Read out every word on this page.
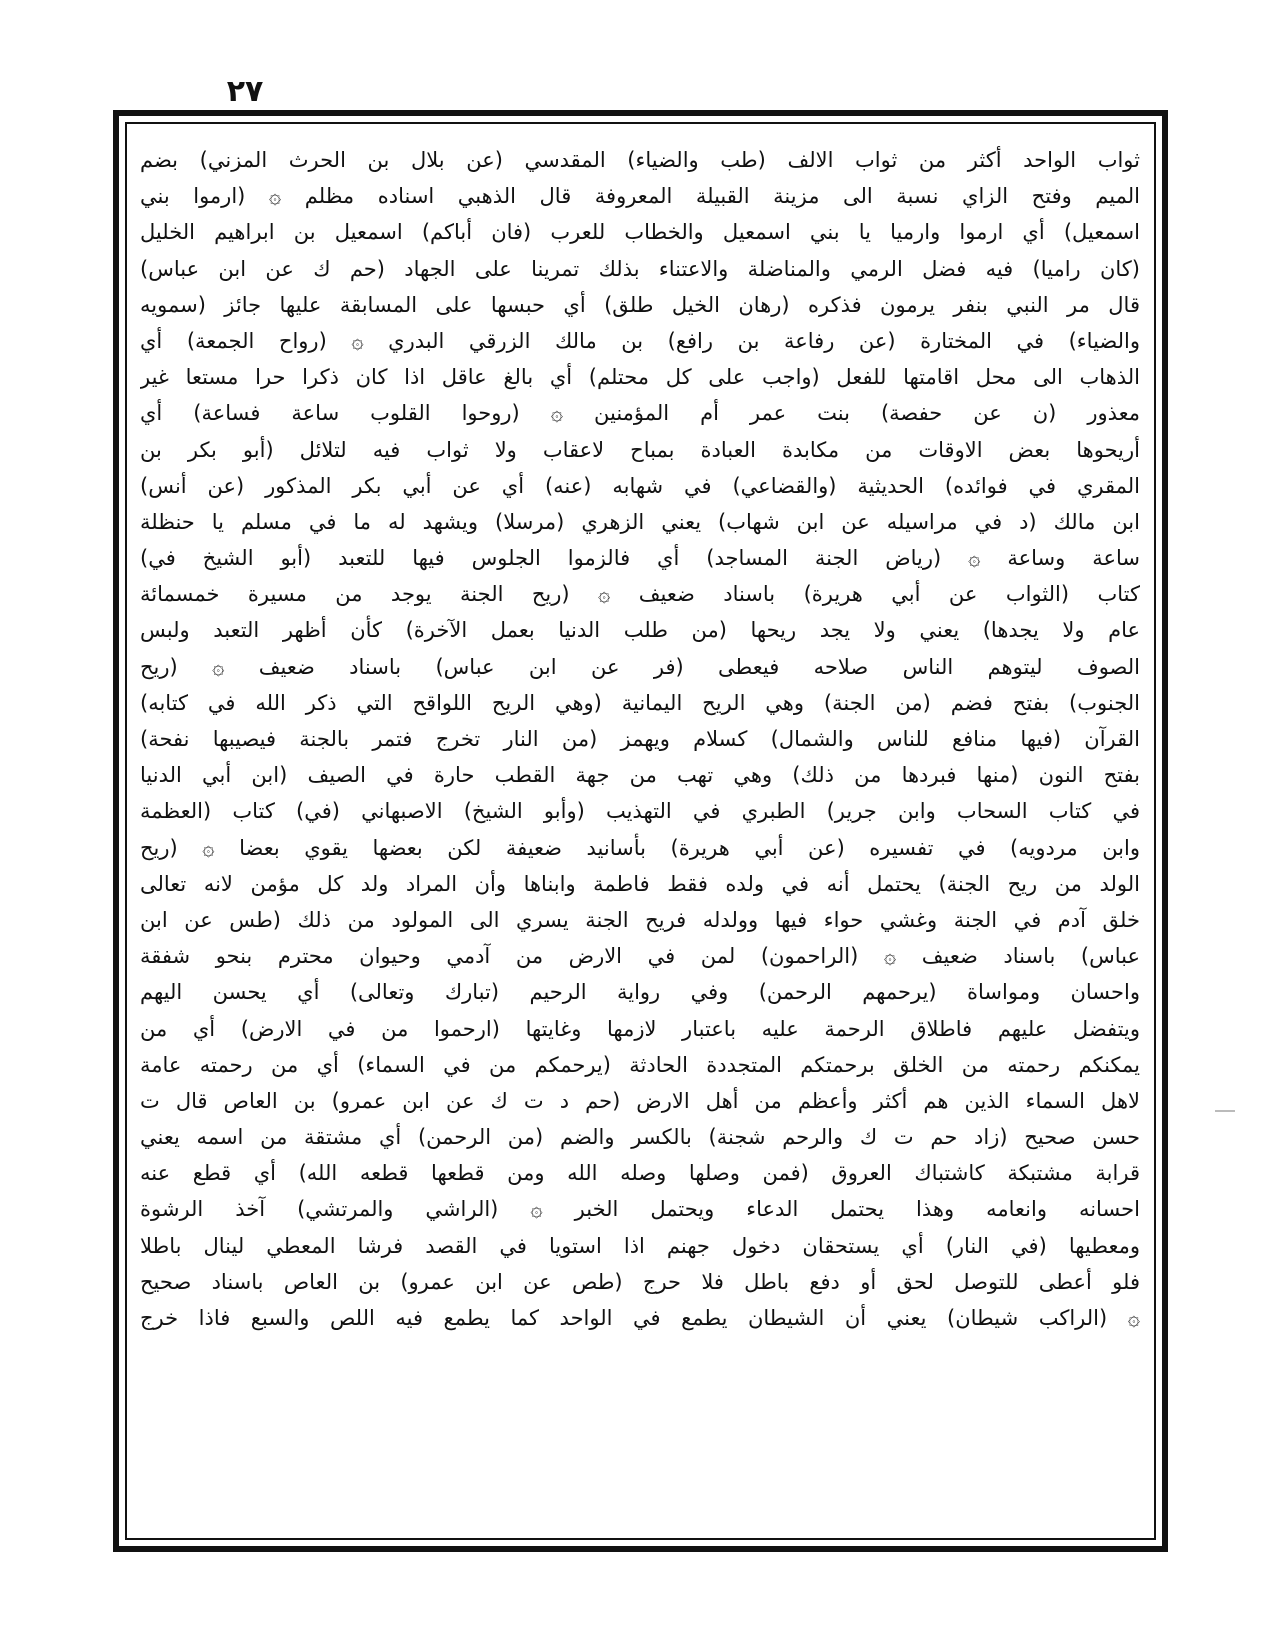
٢٧
ثواب الواحد أكثر من ثواب الالف (طب والضياء) المقدسي (عن بلال بن الحرث المزني) بضم
الميم وفتح الزاي نسبة الى مزينة القبيلة المعروفة قال الذهبي اسناده مظلم ۞ (ارموا بني
اسمعيل) أي ارموا وارميا يا بني اسمعيل والخطاب للعرب (فان أباكم) اسمعيل بن ابراهيم الخليل
(كان راميا) فيه فضل الرمي والمناضلة والاعتناء بذلك تمرينا على الجهاد (حم ك عن ابن عباس)
قال مر النبي بنفر يرمون فذكره (رهان الخيل طلق) أي حبسها على المسابقة عليها جائز (سمويه
والضياء) في المختارة (عن رفاعة بن رافع) بن مالك الزرقي البدري ۞ (رواح الجمعة) أي
الذهاب الى محل اقامتها للفعل (واجب على كل محتلم) أي بالغ عاقل اذا كان ذكرا حرا مستعا غير
معذور (ن عن حفصة) بنت عمر أم المؤمنين ۞ (روحوا القلوب ساعة فساعة) أي
أريحوها بعض الاوقات من مكابدة العبادة بمباح لاعقاب ولا ثواب فيه لتلائل (أبو بكر بن
المقري في فوائده) الحديثية (والقضاعي) في شهابه (عنه) أي عن أبي بكر المذكور (عن أنس)
ابن مالك (د في مراسيله عن ابن شهاب) يعني الزهري (مرسلا) ويشهد له ما في مسلم يا حنظلة
ساعة وساعة ۞ (رياض الجنة المساجد) أي فالزموا الجلوس فيها للتعبد (أبو الشيخ في)
كتاب (الثواب عن أبي هريرة) باسناد ضعيف ۞ (ريح الجنة يوجد من مسيرة خمسمائة
عام ولا يجدها) يعني ولا يجد ريحها (من طلب الدنيا بعمل الآخرة) كأن أظهر التعبد ولبس
الصوف ليتوهم الناس صلاحه فيعطى (فر عن ابن عباس) باسناد ضعيف ۞ (ريح
الجنوب) بفتح فضم (من الجنة) وهي الريح اليمانية (وهي الريح اللواقح التي ذكر الله في كتابه)
القرآن (فيها منافع للناس والشمال) كسلام ويهمز (من النار تخرج فتمر بالجنة فيصيبها نفحة)
بفتح النون (منها فبردها من ذلك) وهي تهب من جهة القطب حارة في الصيف (ابن أبي الدنيا
في كتاب السحاب وابن جرير) الطبري في التهذيب (وأبو الشيخ) الاصبهاني (في) كتاب (العظمة
وابن مردويه) في تفسيره (عن أبي هريرة) بأسانيد ضعيفة لكن بعضها يقوي بعضا ۞ (ريح
الولد من ريح الجنة) يحتمل أنه في ولده فقط فاطمة وابناها وأن المراد ولد كل مؤمن لانه تعالى
خلق آدم في الجنة وغشي حواء فيها وولدله فريح الجنة يسري الى المولود من ذلك (طس عن ابن
عباس) باسناد ضعيف ۞ (الراحمون) لمن في الارض من آدمي وحيوان محترم بنحو شفقة
واحسان ومواساة (يرحمهم الرحمن) وفي رواية الرحيم (تبارك وتعالى) أي يحسن اليهم
ويتفضل عليهم فاطلاق الرحمة عليه باعتبار لازمها وغايتها (ارحموا من في الارض) أي من
يمكنكم رحمته من الخلق برحمتكم المتجددة الحادثة (يرحمكم من في السماء) أي من رحمته عامة
لاهل السماء الذين هم أكثر وأعظم من أهل الارض (حم د ت ك عن ابن عمرو) بن العاص قال ت
حسن صحيح (زاد حم ت ك والرحم شجنة) بالكسر والضم (من الرحمن) أي مشتقة من اسمه يعني
قرابة مشتبكة كاشتباك العروق (فمن وصلها وصله الله ومن قطعها قطعه الله) أي قطع عنه
احسانه وانعامه وهذا يحتمل الدعاء ويحتمل الخبر ۞ (الراشي والمرتشي) آخذ الرشوة
ومعطيها (في النار) أي يستحقان دخول جهنم اذا استويا في القصد فرشا المعطي لينال باطلا
فلو أعطى للتوصل لحق أو دفع باطل فلا حرج (طص عن ابن عمرو) بن العاص باسناد صحيح
۞ (الراكب شيطان) يعني أن الشيطان يطمع في الواحد كما يطمع فيه اللص والسبع فاذا خرج
